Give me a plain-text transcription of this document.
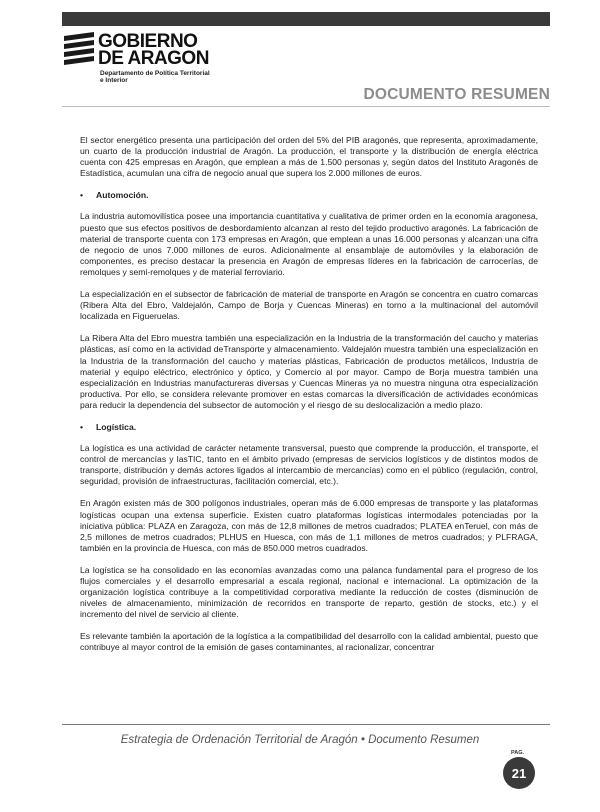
GOBIERNO
DE ARAGON
Departamento de Política Territorial
e Interior
DOCUMENTO RESUMEN

El sector energético presenta una participación del orden del 5% del PIB aragonés, que representa, aproximadamente, un cuarto de la producción industrial de Aragón. La producción, el transporte y la distribución de energía eléctrica cuenta con 425 empresas en Aragón, que emplean a más de 1.500 personas y, según datos del Instituto Aragonés de Estadística, acumulan una cifra de negocio anual que supera los 2.000 millones de euros.

• Automoción.

La industria automovilística posee una importancia cuantitativa y cualitativa de primer orden en la economía aragonesa, puesto que sus efectos positivos de desbordamiento alcanzan al resto del tejido productivo aragonés. La fabricación de material de transporte cuenta con 173 empresas en Aragón, que emplean a unas 16.000 personas y alcanzan una cifra de negocio de unos 7.000 millones de euros. Adicionalmente al ensamblaje de automóviles y la elaboración de componentes, es preciso destacar la presencia en Aragón de empresas líderes en la fabricación de carrocerías, de remolques y semi-remolques y de material ferroviario.

La especialización en el subsector de fabricación de material de transporte en Aragón se concentra en cuatro comarcas (Ribera Alta del Ebro, Valdejalón, Campo de Borja y Cuencas Mineras) en torno a la multinacional del automóvil localizada en Figueruelas.

La Ribera Alta del Ebro muestra también una especialización en la Industria de la transformación del caucho y materias plásticas, así como en la actividad deTransporte y almacenamiento. Valdejalón muestra también una especialización en la Industria de la transformación del caucho y materias plásticas, Fabricación de productos metálicos, Industria de material y equipo eléctrico, electrónico y óptico, y Comercio al por mayor. Campo de Borja muestra también una especialización en Industrias manufactureras diversas y Cuencas Mineras ya no muestra ninguna otra especialización productiva. Por ello, se considera relevante promover en estas comarcas la diversificación de actividades económicas para reducir la dependencia del subsector de automoción y el riesgo de su deslocalización a medio plazo.

• Logística.

La logística es una actividad de carácter netamente transversal, puesto que comprende la producción, el transporte, el control de mercancías y lasTIC, tanto en el ámbito privado (empresas de servicios logísticos y de distintos modos de transporte, distribución y demás actores ligados al intercambio de mercancías) como en el público (regulación, control, seguridad, provisión de infraestructuras, facilitación comercial, etc.).

En Aragón existen más de 300 polígonos industriales, operan más de 6.000 empresas de transporte y las plataformas logísticas ocupan una extensa superficie. Existen cuatro plataformas logísticas intermodales potenciadas por la iniciativa pública: PLAZA en Zaragoza, con más de 12,8 millones de metros cuadrados; PLATEA enTeruel, con más de 2,5 millones de metros cuadrados; PLHUS en Huesca, con más de 1,1 millones de metros cuadrados; y PLFRAGA, también en la provincia de Huesca, con más de 850.000 metros cuadrados.

La logística se ha consolidado en las economías avanzadas como una palanca fundamental para el progreso de los flujos comerciales y el desarrollo empresarial a escala regional, nacional e internacional. La optimización de la organización logística contribuye a la competitividad corporativa mediante la reducción de costes (disminución de niveles de almacenamiento, minimización de recorridos en transporte de reparto, gestión de stocks, etc.) y el incremento del nivel de servicio al cliente.

Es relevante también la aportación de la logística a la compatibilidad del desarrollo con la calidad ambiental, puesto que contribuye al mayor control de la emisión de gases contaminantes, al racionalizar, concentrar

Estrategia de Ordenación Territorial de Aragón • Documento Resumen
PAG.
21
